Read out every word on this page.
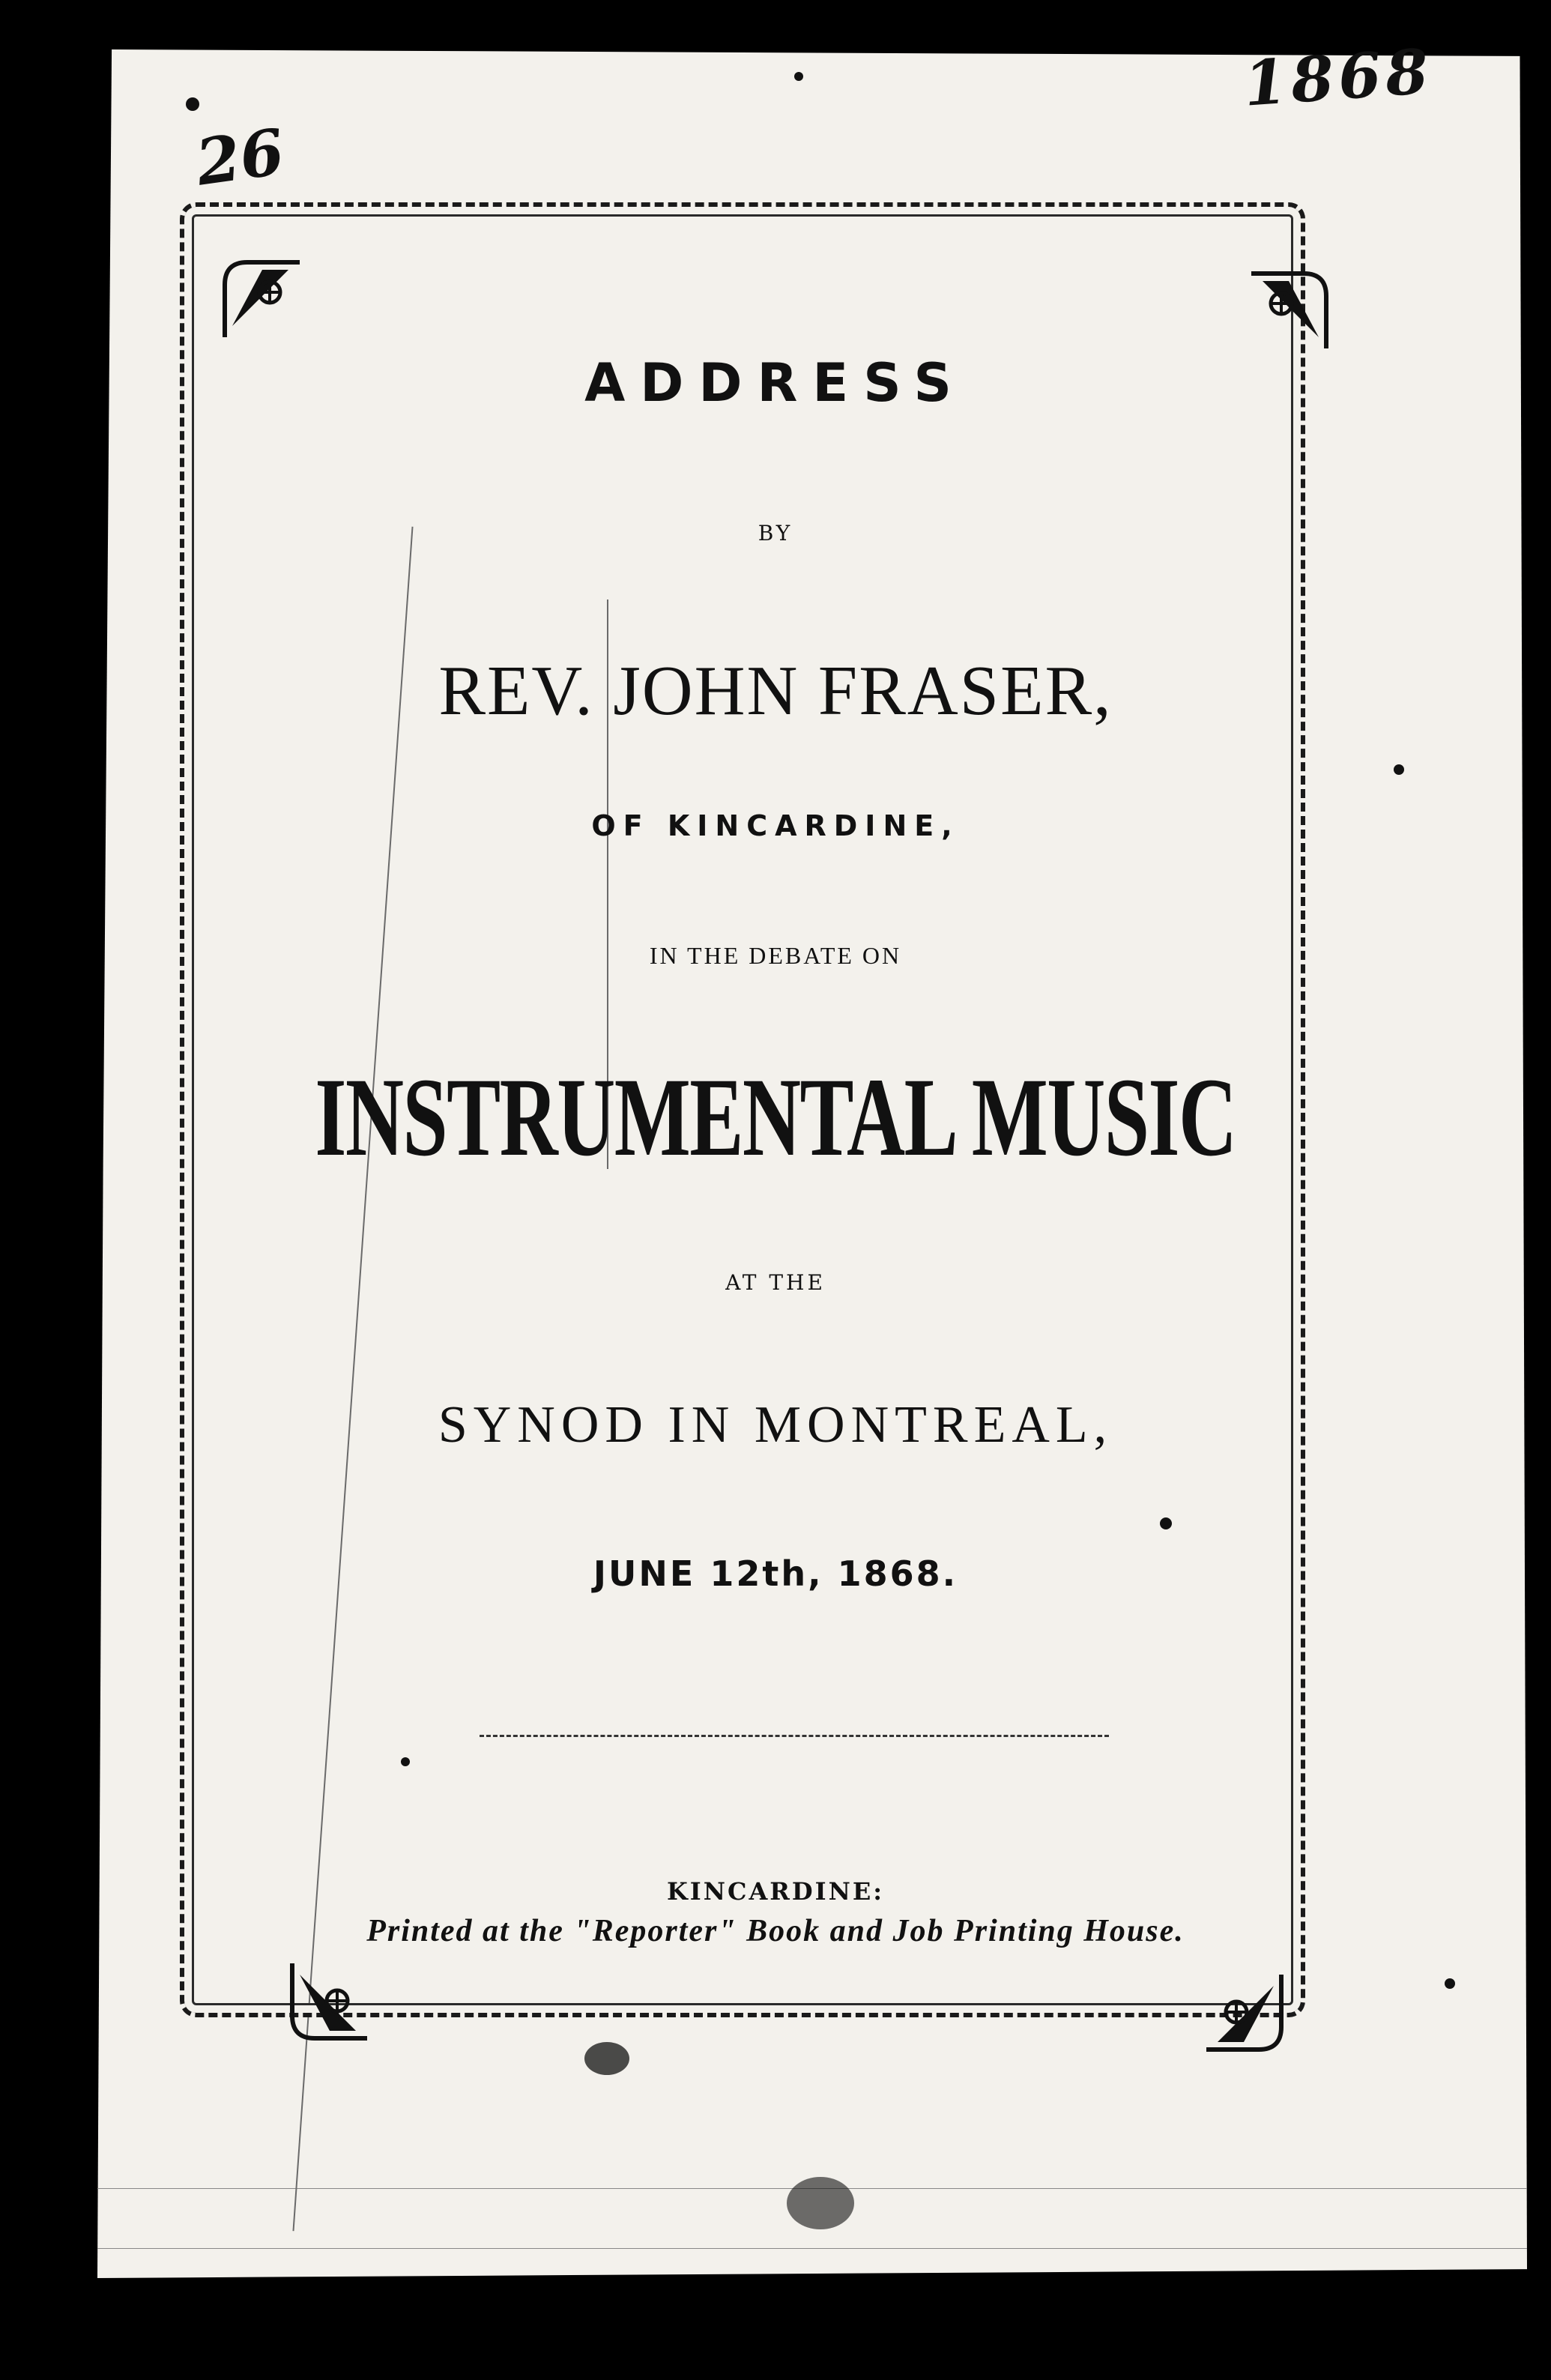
1868
26
ADDRESS
BY
REV. JOHN FRASER,
OF KINCARDINE,
IN THE DEBATE ON
INSTRUMENTAL MUSIC
AT THE
SYNOD IN MONTREAL,
JUNE 12th, 1868.
KINCARDINE:
Printed at the "Reporter" Book and Job Printing House.
